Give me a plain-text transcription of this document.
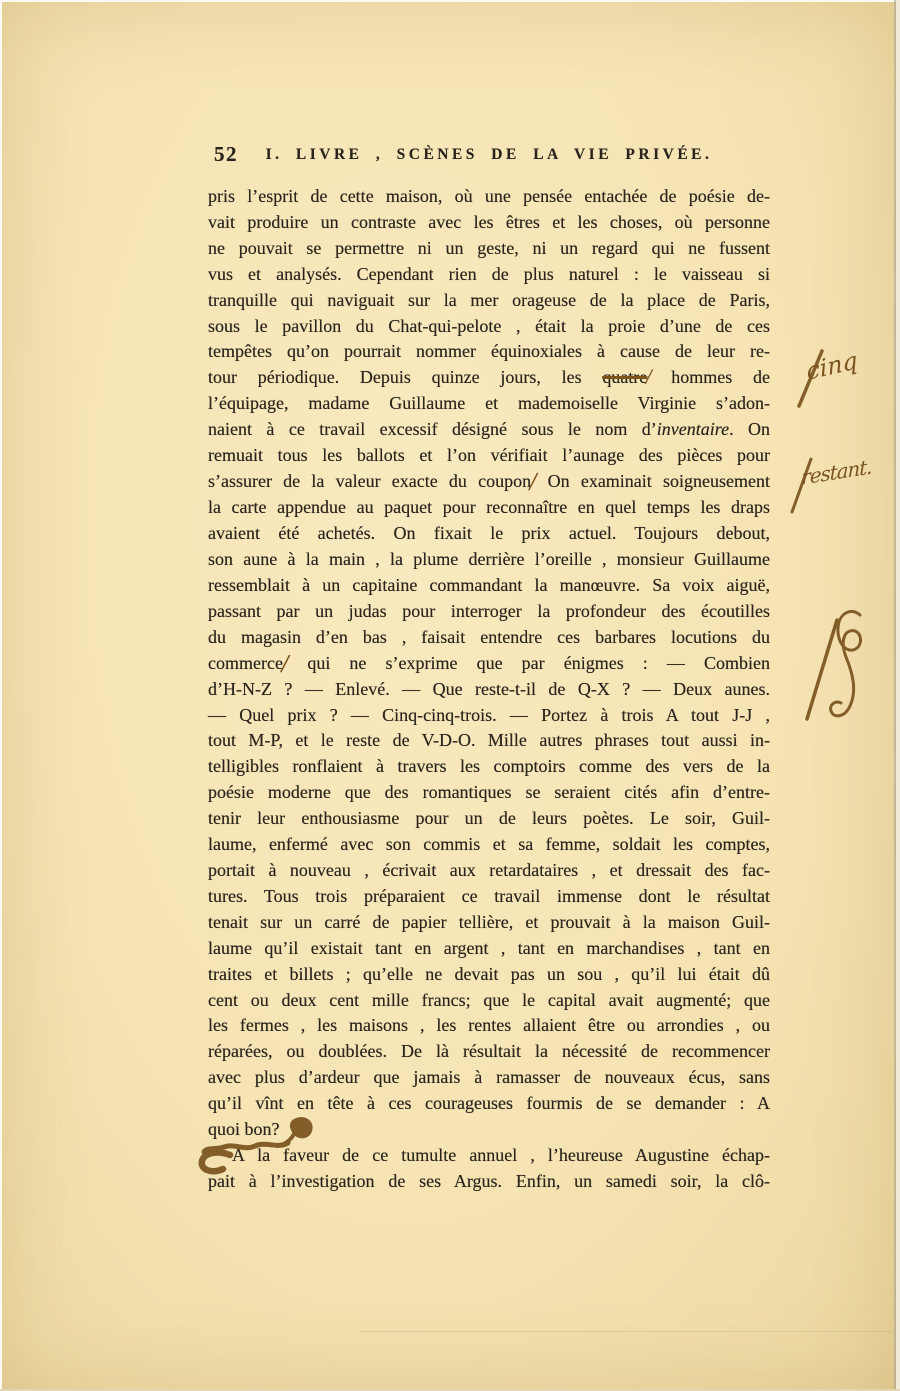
52	I. LIVRE , SCÈNES DE LA VIE PRIVÉE.
pris l’esprit de cette maison, où une pensée entachée de poésie de-
vait produire un contraste avec les êtres et les choses, où personne
ne pouvait se permettre ni un geste, ni un regard qui ne fussent
vus et analysés. Cependant rien de plus naturel : le vaisseau si
tranquille qui naviguait sur la mer orageuse de la place de Paris,
sous le pavillon du Chat-qui-pelote , était la proie d’une de ces
tempêtes qu’on pourrait nommer équinoxiales à cause de leur re-
tour périodique. Depuis quinze jours, les quatre/ hommes de
l’équipage, madame Guillaume et mademoiselle Virginie s’adon-
naient à ce travail excessif désigné sous le nom d’inventaire. On
remuait tous les ballots et l’on vérifiait l’aunage des pièces pour
s’assurer de la valeur exacte du coupon/ On examinait soigneusement
la carte appendue au paquet pour reconnaître en quel temps les draps
avaient été achetés. On fixait le prix actuel. Toujours debout,
son aune à la main , la plume derrière l’oreille , monsieur Guillaume
ressemblait à un capitaine commandant la manœuvre. Sa voix aiguë,
passant par un judas pour interroger la profondeur des écoutilles
du magasin d’en bas , faisait entendre ces barbares locutions du
commerce/ qui ne s’exprime que par énigmes : — Combien
d’H-N-Z ? — Enlevé. — Que reste-t-il de Q-X ? — Deux aunes.
— Quel prix ? — Cinq-cinq-trois. — Portez à trois A tout J-J ,
tout M-P, et le reste de V-D-O. Mille autres phrases tout aussi in-
telligibles ronflaient à travers les comptoirs comme des vers de la
poésie moderne que des romantiques se seraient cités afin d’entre-
tenir leur enthousiasme pour un de leurs poètes. Le soir, Guil-
laume, enfermé avec son commis et sa femme, soldait les comptes,
portait à nouveau , écrivait aux retardataires , et dressait des fac-
tures. Tous trois préparaient ce travail immense dont le résultat
tenait sur un carré de papier tellière, et prouvait à la maison Guil-
laume qu’il existait tant en argent , tant en marchandises , tant en
traites et billets ; qu’elle ne devait pas un sou , qu’il lui était dû
cent ou deux cent mille francs; que le capital avait augmenté; que
les fermes , les maisons , les rentes allaient être ou arrondies , ou
réparées, ou doublées. De là résultait la nécessité de recommencer
avec plus d’ardeur que jamais à ramasser de nouveaux écus, sans
qu’il vînt en tête à ces courageuses fourmis de se demander : A
quoi bon?
A la faveur de ce tumulte annuel , l’heureuse Augustine échap-
pait à l’investigation de ses Argus. Enfin, un samedi soir, la clô-
cinq
restant.
